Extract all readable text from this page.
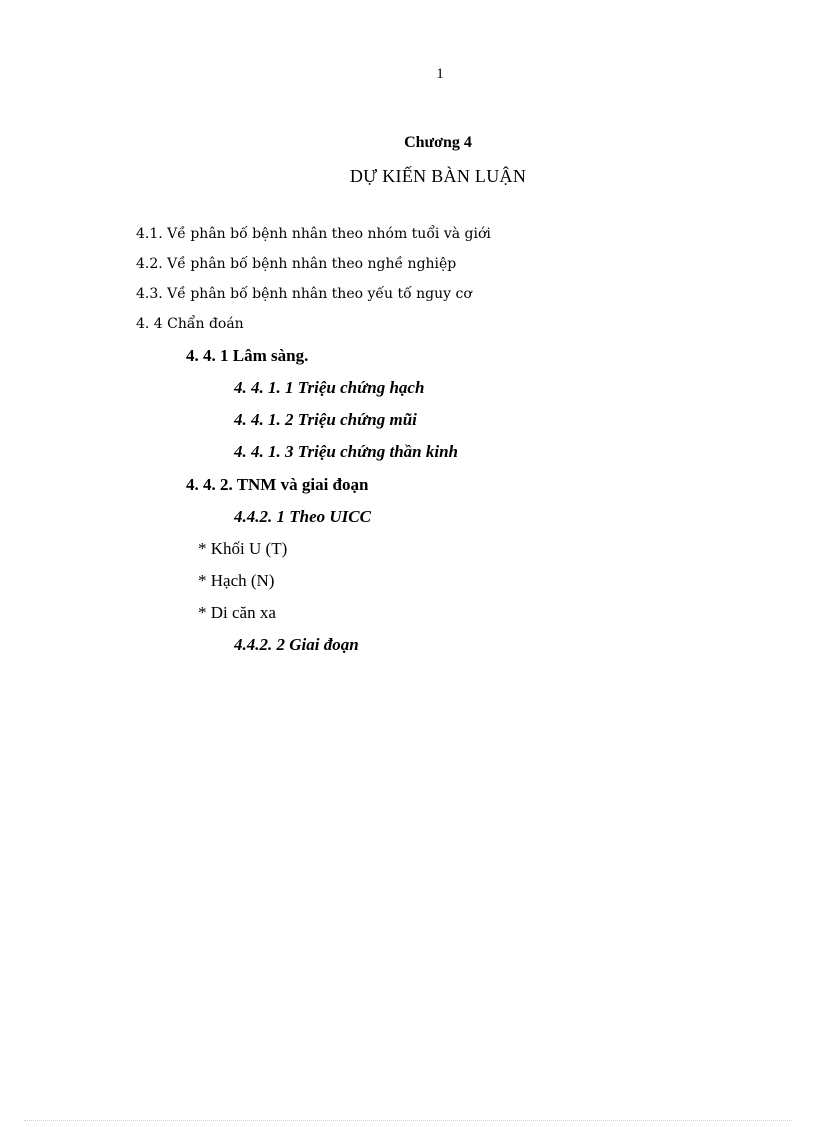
1
Chương 4
DỰ KIẾN BÀN LUẬN
4.1. Về phân bố bệnh nhân theo nhóm tuổi và giới
4.2. Về phân bố bệnh nhân theo nghề nghiệp
4.3. Về phân bố bệnh nhân theo yếu tố nguy cơ
4. 4 Chẩn đoán
4. 4. 1 Lâm sàng.
4. 4. 1. 1 Triệu chứng hạch
4. 4. 1. 2 Triệu chứng mũi
4. 4. 1. 3 Triệu chứng thần kinh
4. 4. 2. TNM và giai đoạn
4.4.2. 1 Theo UICC
* Khối U (T)
* Hạch (N)
* Di căn xa
4.4.2. 2 Giai đoạn
